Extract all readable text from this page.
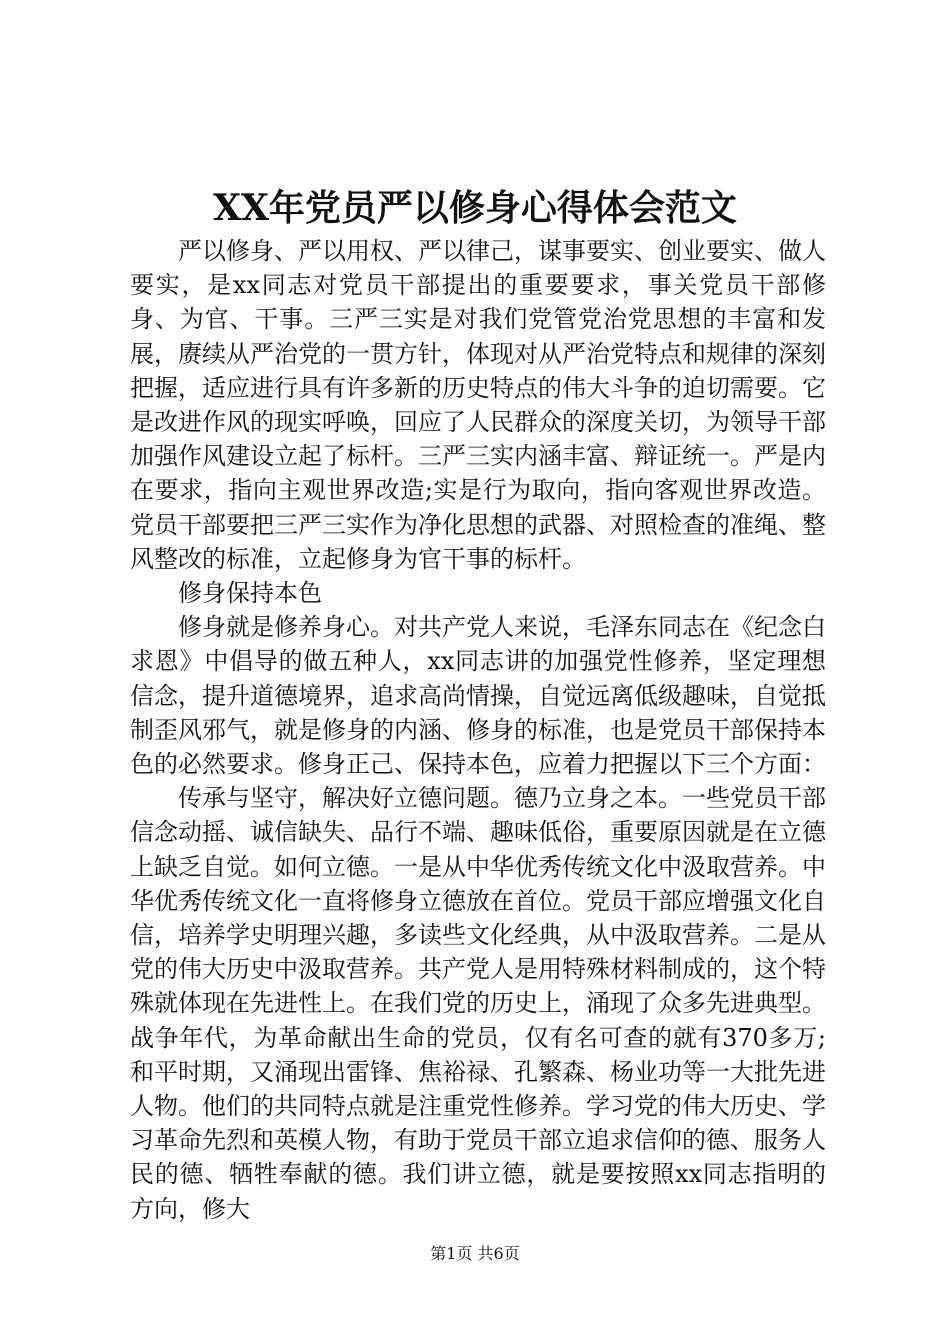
XX年党员严以修身心得体会范文

严以修身、严以用权、严以律己，谋事要实、创业要实、做人要实，是xx同志对党员干部提出的重要要求，事关党员干部修身、为官、干事。三严三实是对我们党管党治党思想的丰富和发展，赓续从严治党的一贯方针，体现对从严治党特点和规律的深刻把握，适应进行具有许多新的历史特点的伟大斗争的迫切需要。它是改进作风的现实呼唤，回应了人民群众的深度关切，为领导干部加强作风建设立起了标杆。三严三实内涵丰富、辩证统一。严是内在要求，指向主观世界改造;实是行为取向，指向客观世界改造。党员干部要把三严三实作为净化思想的武器、对照检查的准绳、整风整改的标准，立起修身为官干事的标杆。

修身保持本色

修身就是修养身心。对共产党人来说，毛泽东同志在《纪念白求恩》中倡导的做五种人，xx同志讲的加强党性修养，坚定理想信念，提升道德境界，追求高尚情操，自觉远离低级趣味，自觉抵制歪风邪气，就是修身的内涵、修身的标准，也是党员干部保持本色的必然要求。修身正己、保持本色，应着力把握以下三个方面：

传承与坚守，解决好立德问题。德乃立身之本。一些党员干部信念动摇、诚信缺失、品行不端、趣味低俗，重要原因就是在立德上缺乏自觉。如何立德。一是从中华优秀传统文化中汲取营养。中华优秀传统文化一直将修身立德放在首位。党员干部应增强文化自信，培养学史明理兴趣，多读些文化经典，从中汲取营养。二是从党的伟大历史中汲取营养。共产党人是用特殊材料制成的，这个特殊就体现在先进性上。在我们党的历史上，涌现了众多先进典型。战争年代，为革命献出生命的党员，仅有名可查的就有370多万;和平时期，又涌现出雷锋、焦裕禄、孔繁森、杨业功等一大批先进人物。他们的共同特点就是注重党性修养。学习党的伟大历史、学习革命先烈和英模人物，有助于党员干部立追求信仰的德、服务人民的德、牺牲奉献的德。我们讲立德，就是要按照xx同志指明的方向，修大

第1页 共6页
